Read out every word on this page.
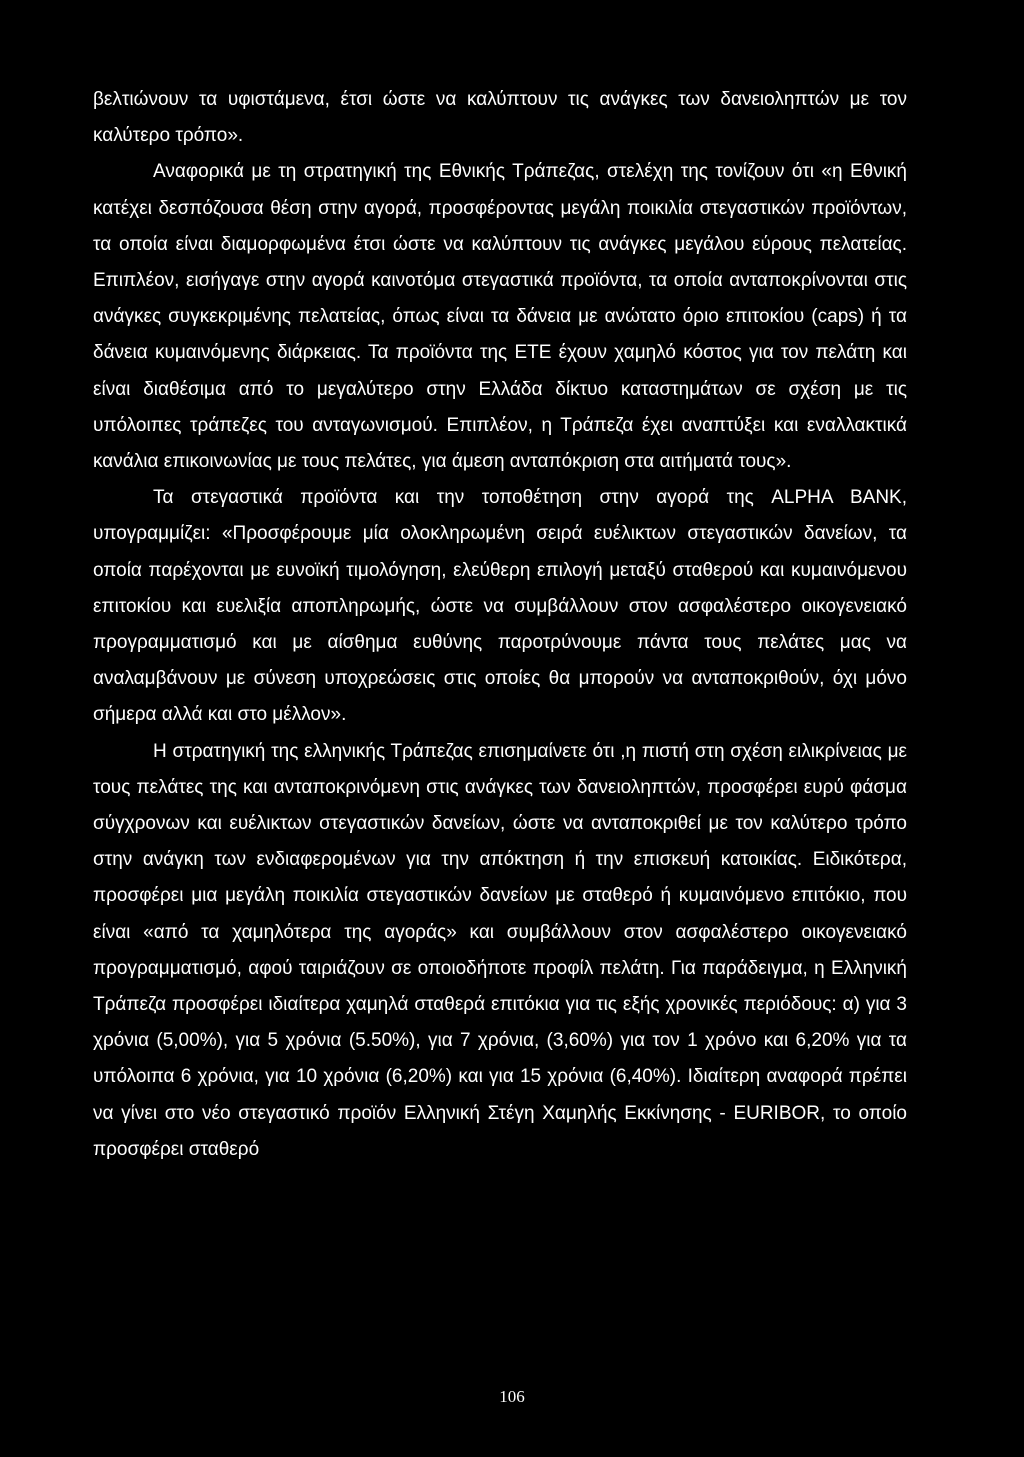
βελτιώνουν τα υφιστάμενα, έτσι ώστε να καλύπτουν τις ανάγκες των δανειοληπτών με τον καλύτερο τρόπο».

Αναφορικά με τη στρατηγική της Εθνικής Τράπεζας, στελέχη της τονίζουν ότι «η Εθνική κατέχει δεσπόζουσα θέση στην αγορά, προσφέροντας μεγάλη ποικιλία στεγαστικών προϊόντων, τα οποία είναι διαμορφωμένα έτσι ώστε να καλύπτουν τις ανάγκες μεγάλου εύρους πελατείας. Επιπλέον, εισήγαγε στην αγορά καινοτόμα στεγαστικά προϊόντα, τα οποία ανταποκρίνονται στις ανάγκες συγκεκριμένης πελατείας, όπως είναι τα δάνεια με ανώτατο όριο επιτοκίου (caps) ή τα δάνεια κυμαινόμενης διάρκειας. Τα προϊόντα της ΕΤΕ έχουν χαμηλό κόστος για τον πελάτη και είναι διαθέσιμα από το μεγαλύτερο στην Ελλάδα δίκτυο καταστημάτων σε σχέση με τις υπόλοιπες τράπεζες του ανταγωνισμού. Επιπλέον, η Τράπεζα έχει αναπτύξει και εναλλακτικά κανάλια επικοινωνίας με τους πελάτες, για άμεση ανταπόκριση στα αιτήματά τους».

Τα στεγαστικά προϊόντα και την τοποθέτηση στην αγορά της ALPHA BANK, υπογραμμίζει: «Προσφέρουμε μία ολοκληρωμένη σειρά ευέλικτων στεγαστικών δανείων, τα οποία παρέχονται με ευνοϊκή τιμολόγηση, ελεύθερη επιλογή μεταξύ σταθερού και κυμαινόμενου επιτοκίου και ευελιξία αποπληρωμής, ώστε να συμβάλλουν στον ασφαλέστερο οικογενειακό προγραμματισμό και με αίσθημα ευθύνης παροτρύνουμε πάντα τους πελάτες μας να αναλαμβάνουν με σύνεση υποχρεώσεις στις οποίες θα μπορούν να ανταποκριθούν, όχι μόνο σήμερα αλλά και στο μέλλον».

Η στρατηγική της ελληνικής Τράπεζας επισημαίνετε ότι ,η πιστή στη σχέση ειλικρίνειας με τους πελάτες της και ανταποκρινόμενη στις ανάγκες των δανειοληπτών, προσφέρει ευρύ φάσμα σύγχρονων και ευέλικτων στεγαστικών δανείων, ώστε να ανταποκριθεί με τον καλύτερο τρόπο στην ανάγκη των ενδιαφερομένων για την απόκτηση ή την επισκευή κατοικίας. Ειδικότερα, προσφέρει μια μεγάλη ποικιλία στεγαστικών δανείων με σταθερό ή κυμαινόμενο επιτόκιο, που είναι «από τα χαμηλότερα της αγοράς» και συμβάλλουν στον ασφαλέστερο οικογενειακό προγραμματισμό, αφού ταιριάζουν σε οποιοδήποτε προφίλ πελάτη. Για παράδειγμα, η Ελληνική Τράπεζα προσφέρει ιδιαίτερα χαμηλά σταθερά επιτόκια για τις εξής χρονικές περιόδους: α) για 3 χρόνια (5,00%), για 5 χρόνια (5.50%), για 7 χρόνια, (3,60%) για τον 1 χρόνο και 6,20% για τα υπόλοιπα 6 χρόνια, για 10 χρόνια (6,20%) και για 15 χρόνια (6,40%). Ιδιαίτερη αναφορά πρέπει να γίνει στο νέο στεγαστικό προϊόν Ελληνική Στέγη Χαμηλής Εκκίνησης - EURIBOR, το οποίο προσφέρει σταθερό

106
